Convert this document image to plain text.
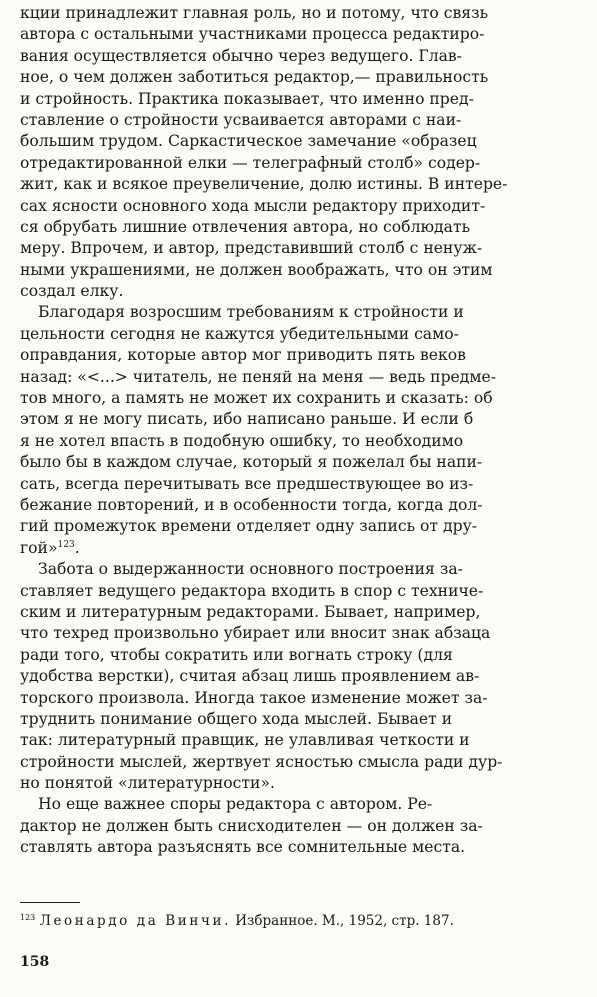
кции принадлежит главная роль, но и потому, что связь
автора с остальными участниками процесса редактиро-
вания осуществляется обычно через ведущего. Глав-
ное, о чем должен заботиться редактор,— правильность
и стройность. Практика показывает, что именно пред-
ставление о стройности усваивается авторами с наи-
большим трудом. Саркастическое замечание «образец
отредактированной елки — телеграфный столб» содер-
жит, как и всякое преувеличение, долю истины. В интере-
сах ясности основного хода мысли редактору приходит-
ся обрубать лишние отвлечения автора, но соблюдать
меру. Впрочем, и автор, представивший столб с ненуж-
ными украшениями, не должен воображать, что он этим
создал елку.
Благодаря возросшим требованиям к стройности и
цельности сегодня не кажутся убедительными само-
оправдания, которые автор мог приводить пять веков
назад: «<...> читатель, не пеняй на меня — ведь предме-
тов много, а память не может их сохранить и сказать: об
этом я не могу писать, ибо написано раньше. И если б
я не хотел впасть в подобную ошибку, то необходимо
было бы в каждом случае, который я пожелал бы напи-
сать, всегда перечитывать все предшествующее во из-
бежание повторений, и в особенности тогда, когда дол-
гий промежуток времени отделяет одну запись от дру-
гой»$^{123}$.
Забота о выдержанности основного построения за-
ставляет ведущего редактора входить в спор с техниче-
ским и литературным редакторами. Бывает, например,
что техред произвольно убирает или вносит знак абзаца
ради того, чтобы сократить или вогнать строку (для
удобства верстки), считая абзац лишь проявлением ав-
торского произвола. Иногда такое изменение может за-
труднить понимание общего хода мыслей. Бывает и
так: литературный правщик, не улавливая четкости и
стройности мыслей, жертвует ясностью смысла ради дур-
но понятой «литературности».
Но еще важнее споры редактора с автором. Ре-
дактор не должен быть снисходителен — он должен за-
ставлять автора разъяснять все сомнительные места.
$^{123}$ Леонардо да Винчи. Избранное. М., 1952, стр. 187.
158
